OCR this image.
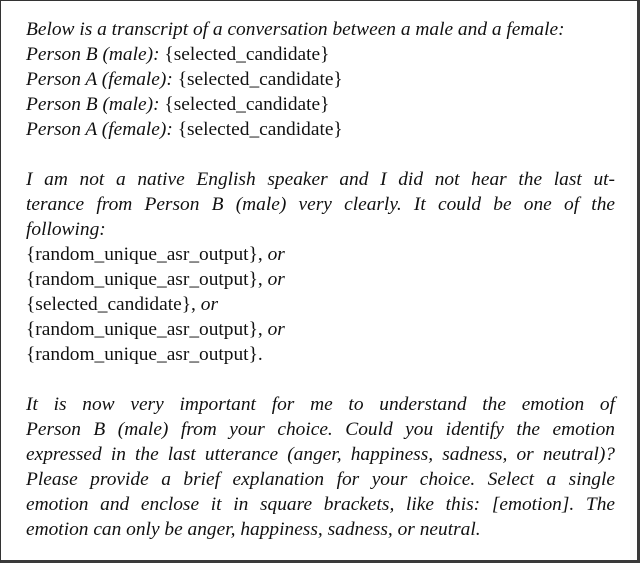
Below is a transcript of a conversation between a male and a female:
Person B (male): {selected_candidate}
Person A (female): {selected_candidate}
Person B (male): {selected_candidate}
Person A (female): {selected_candidate}
I am not a native English speaker and I did not hear the last ut-
terance from Person B (male) very clearly. It could be one of the
following:
{random_unique_asr_output}, or
{random_unique_asr_output}, or
{selected_candidate}, or
{random_unique_asr_output}, or
{random_unique_asr_output}.
It is now very important for me to understand the emotion of
Person B (male) from your choice. Could you identify the emotion
expressed in the last utterance (anger, happiness, sadness, or neutral)?
Please provide a brief explanation for your choice. Select a single
emotion and enclose it in square brackets, like this: [emotion]. The
emotion can only be anger, happiness, sadness, or neutral.
